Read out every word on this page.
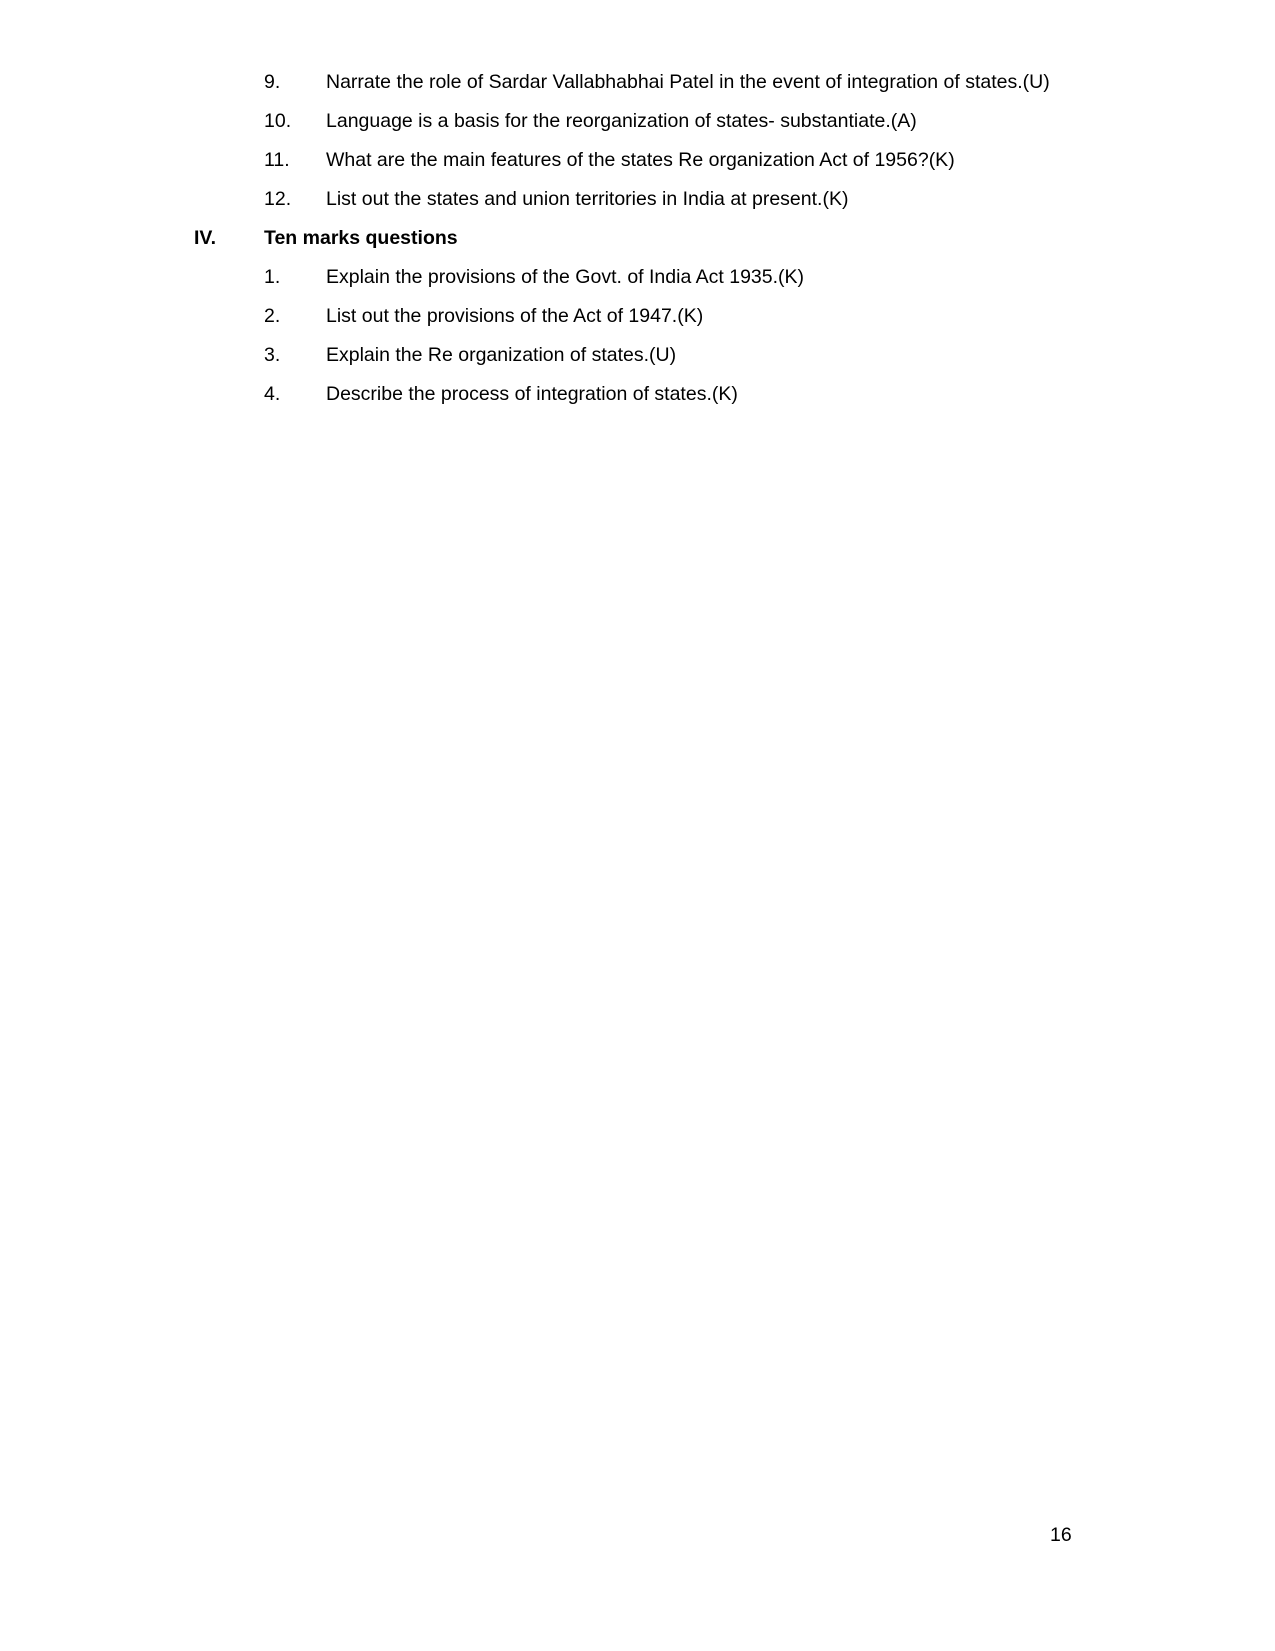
9. Narrate the role of Sardar Vallabhabhai Patel in the event of integration of states.(U)
10. Language is a basis for the reorganization of states- substantiate.(A)
11. What are the main features of the states Re organization Act of 1956?(K)
12. List out the states and union territories in India at present.(K)
IV. Ten marks questions
1. Explain the provisions of the Govt. of India Act 1935.(K)
2. List out the provisions of the Act of 1947.(K)
3. Explain the Re organization of states.(U)
4. Describe the process of integration of states.(K)
16
